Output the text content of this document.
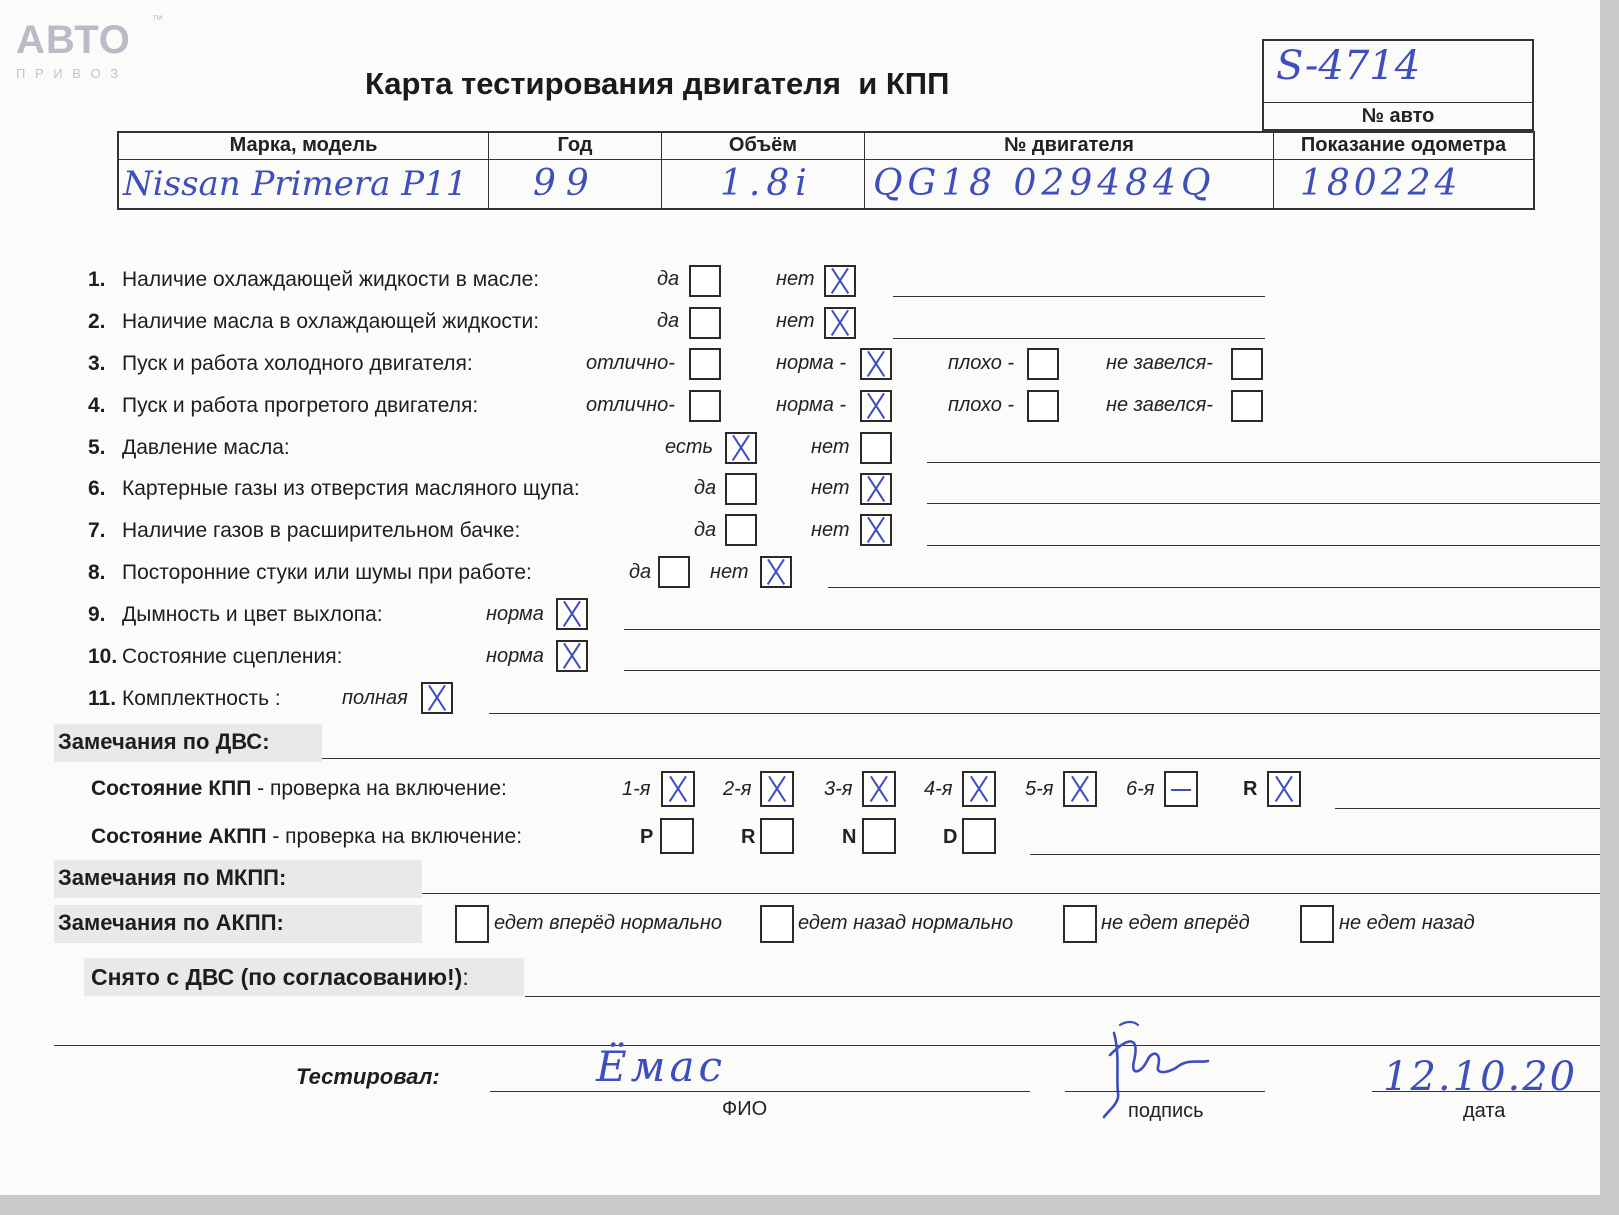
АВТО ™
П Р И В О З	Карта тестирования двигателя  и КПП	S-4714
№ авто
Марка, модель	Год	Объём	№ двигателя	Показание одометра
Nissan Primera P11	99	1.8i	QG18 029484Q	180224
1. Наличие охлаждающей жидкости в масле:	да	нет
2. Наличие масла в охлаждающей жидкости:	да	нет
3. Пуск и работа холодного двигателя:	отлично-	норма -	плохо -	не завелся-
4. Пуск и работа прогретого двигателя:	отлично-	норма -	плохо -	не завелся-
5. Давление масла:	есть	нет
6. Картерные газы из отверстия масляного щупа:	да	нет
7. Наличие газов в расширительном бачке:	да	нет
8. Посторонние стуки или шумы при работе:	да	нет
9. Дымность и цвет выхлопа:	норма
10. Состояние сцепления:	норма
11. Комплектность :	полная
Замечания по ДВС:
Состояние КПП - проверка на включение:	1-я	2-я	3-я	4-я	5-я	6-я	R
Состояние АКПП - проверка на включение:	P	R	N	D
Замечания по МКПП:
Замечания по АКПП:	едет вперёд нормально	едет назад нормально	не едет вперёд	не едет назад
Снято с ДВС (по согласованию!):
Тестировал:	Ёмас
ФИО	подпись
12.10.20
дата
